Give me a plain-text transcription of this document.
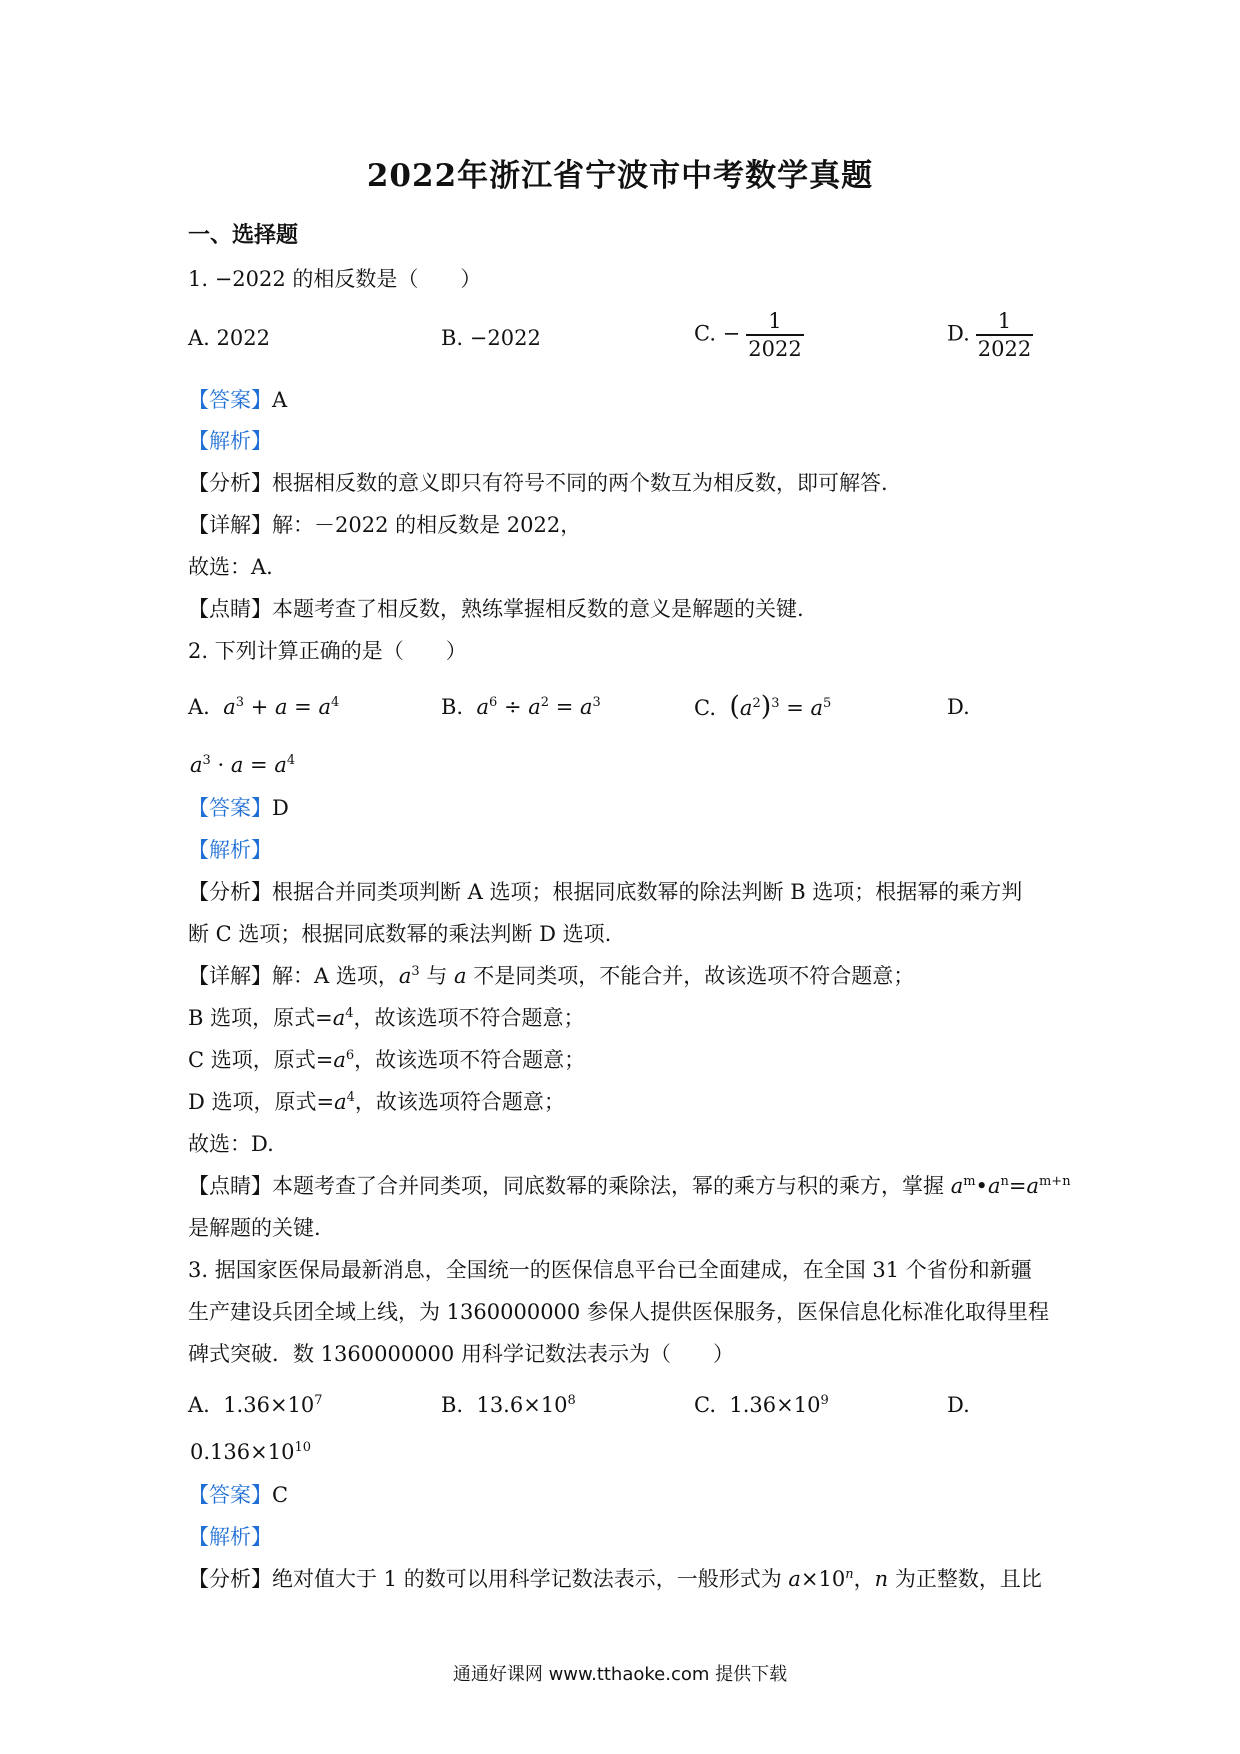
2022年浙江省宁波市中考数学真题
一、选择题
1. −2022 的相反数是（　　）
A. 2022	B. −2022	C. − $\frac{1}{2022}$	D. $\frac{1}{2022}$
【答案】A
【解析】
【分析】根据相反数的意义即只有符号不同的两个数互为相反数，即可解答.
【详解】解：－2022 的相反数是 2022，
故选：A.
【点睛】本题考查了相反数，熟练掌握相反数的意义是解题的关键.
2. 下列计算正确的是（　　）
A. $a^3 + a = a^4$	B. $a^6 \div a^2 = a^3$	C. $(a^2)^3 = a^5$	D.
$a^3 \cdot a = a^4$
【答案】D
【解析】
【分析】根据合并同类项判断 A 选项；根据同底数幂的除法判断 B 选项；根据幂的乘方判
断 C 选项；根据同底数幂的乘法判断 D 选项.
【详解】解：A 选项，$a^3$ 与 a 不是同类项，不能合并，故该选项不符合题意；
B 选项，原式$=a^4$，故该选项不符合题意；
C 选项，原式$=a^6$，故该选项不符合题意；
D 选项，原式$=a^4$，故该选项符合题意；
故选：D.
【点睛】本题考查了合并同类项，同底数幂的乘除法，幂的乘方与积的乘方，掌握 $a^m•a^n=a^{m+n}$
是解题的关键.
3. 据国家医保局最新消息，全国统一的医保信息平台已全面建成，在全国 31 个省份和新疆
生产建设兵团全域上线，为 1360000000 参保人提供医保服务，医保信息化标准化取得里程
碑式突破．数 1360000000 用科学记数法表示为（　　）
A.  $1.36\times 10^7$	B.  $13.6\times 10^8$	C.  $1.36\times 10^9$	D.
$0.136\times 10^{10}$
【答案】C
【解析】
【分析】绝对值大于 1 的数可以用科学记数法表示，一般形式为 $a\times 10^n$，n 为正整数，且比
通通好课网 www.tthaoke.com 提供下载
